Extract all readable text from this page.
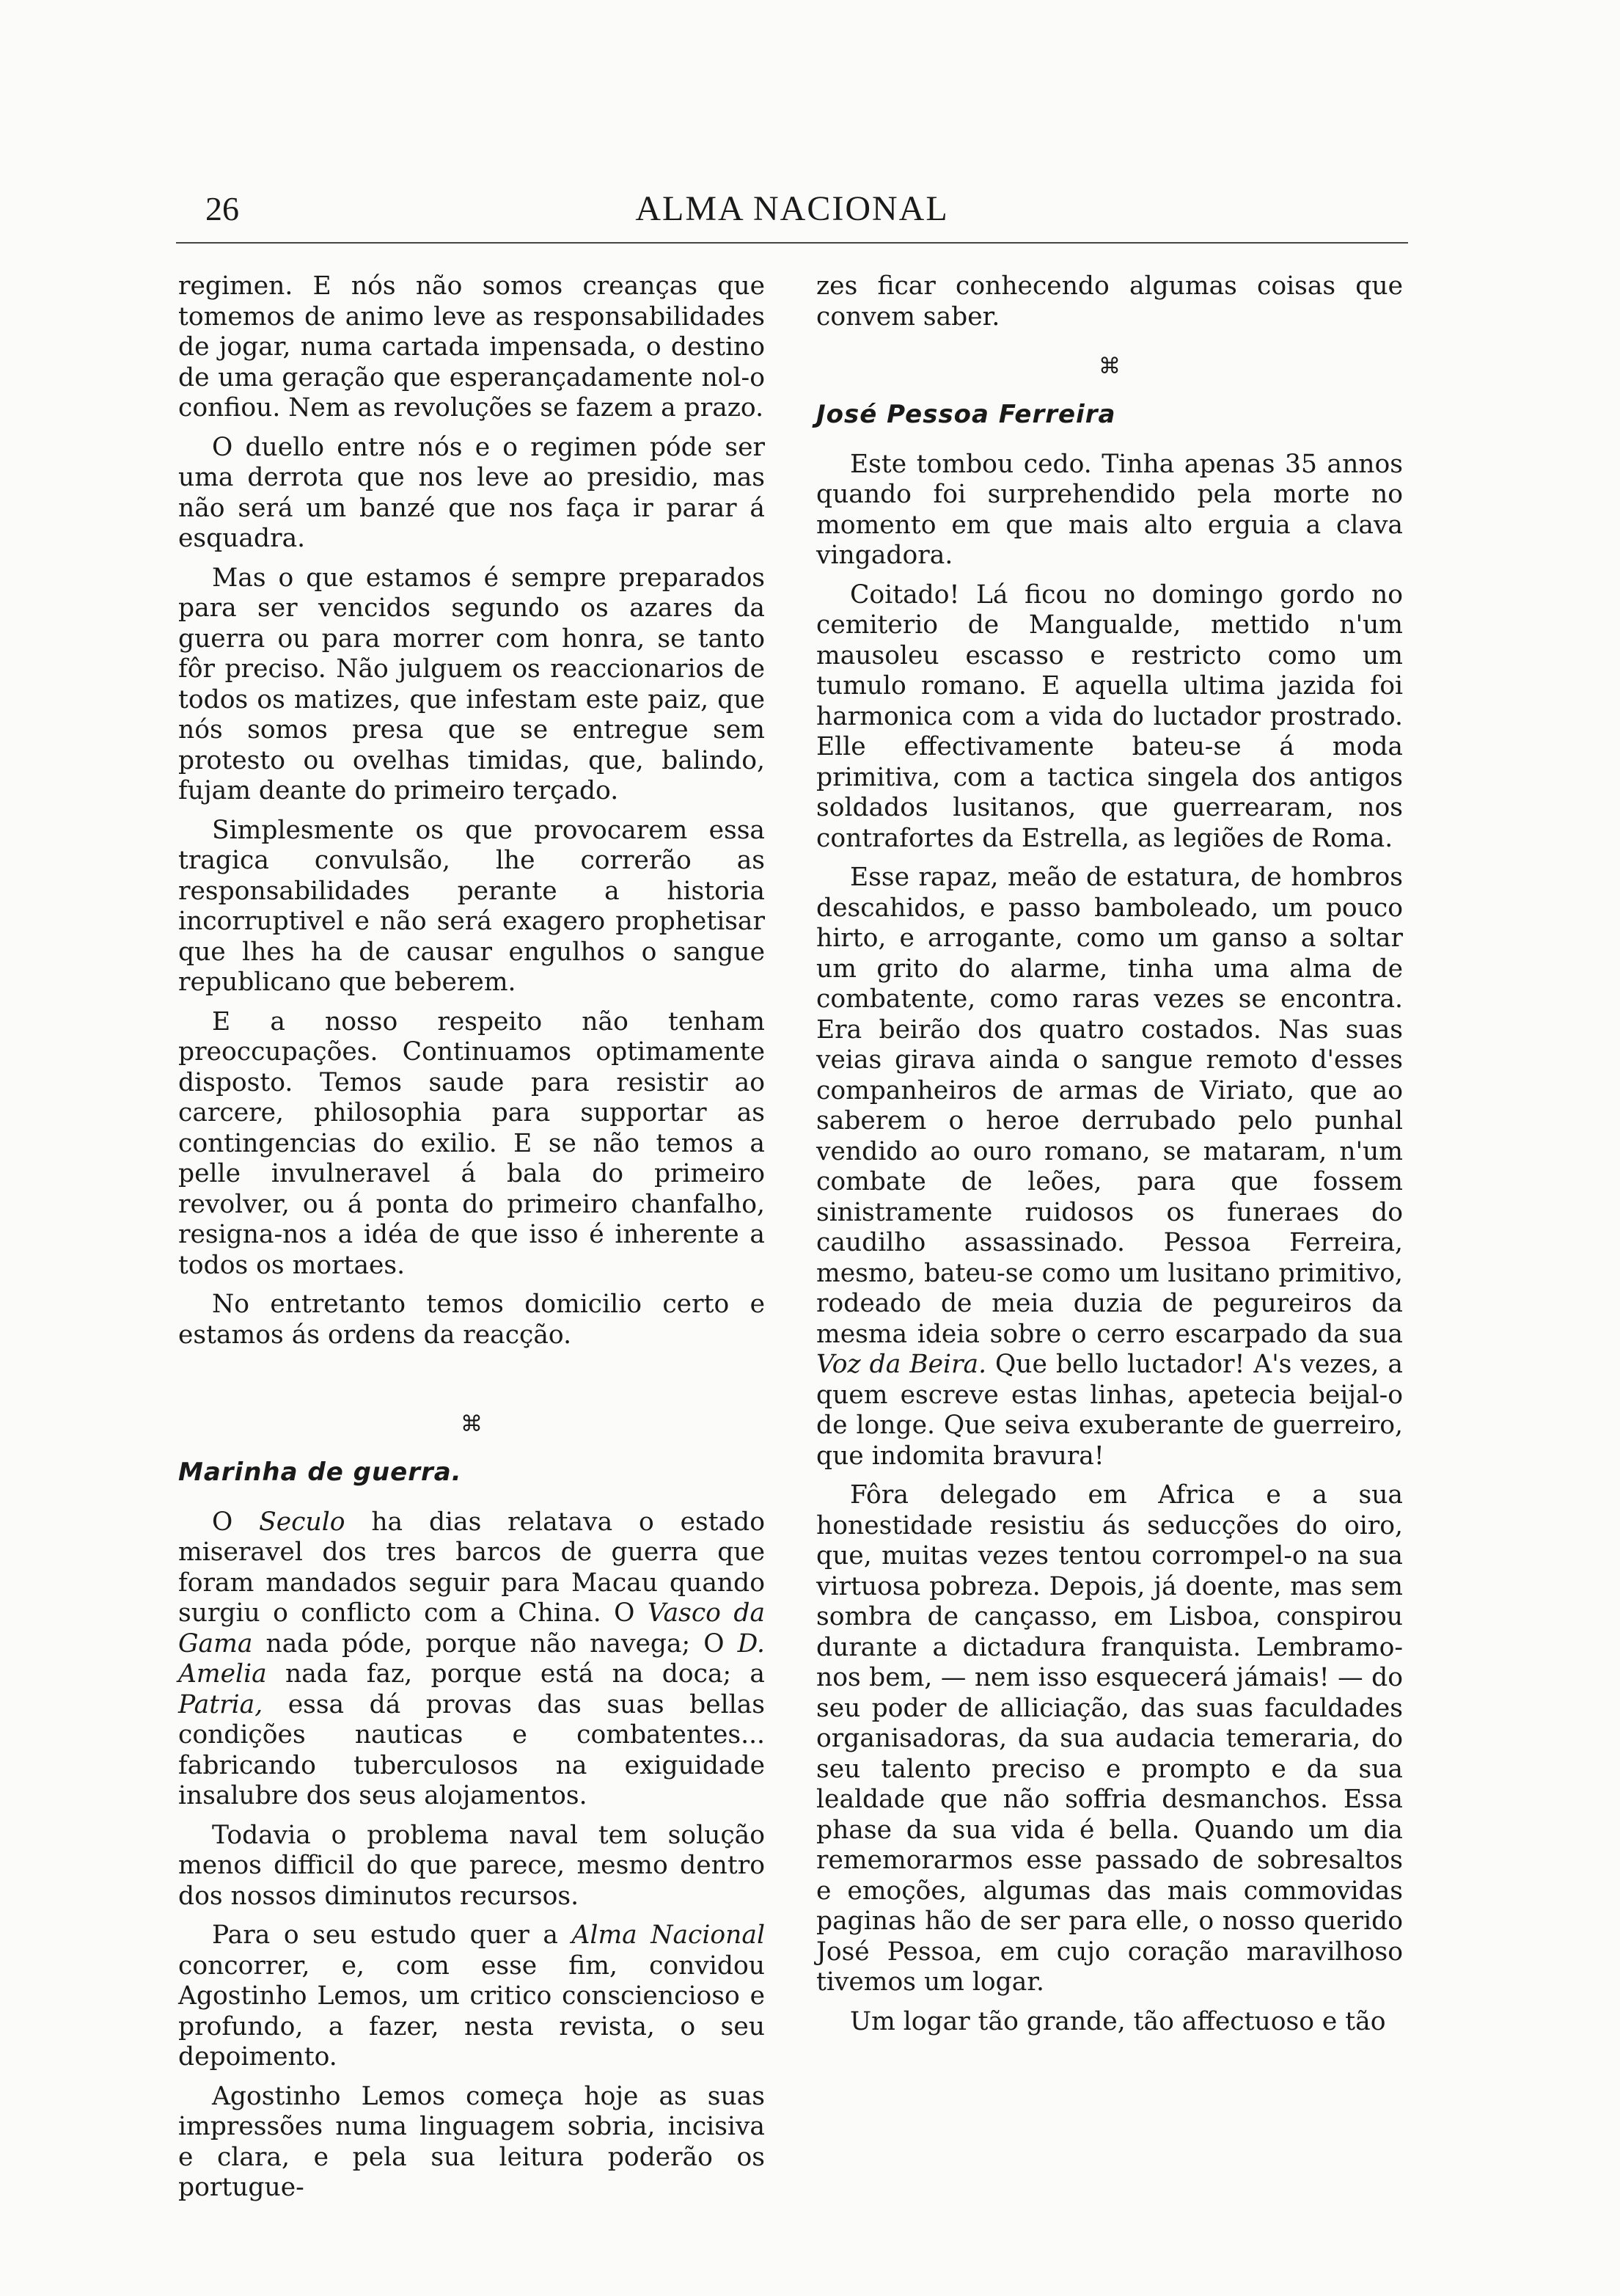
26	ALMA NACIONAL

regimen. E nós não somos creanças que tomemos de animo leve as responsabilidades de jogar, numa cartada impensada, o destino de uma geração que esperançadamente nol-o confiou. Nem as revoluções se fazem a prazo.

O duello entre nós e o regimen póde ser uma derrota que nos leve ao presidio, mas não será um banzé que nos faça ir parar á esquadra.

Mas o que estamos é sempre preparados para ser vencidos segundo os azares da guerra ou para morrer com honra, se tanto fôr preciso. Não julguem os reaccionarios de todos os matizes, que infestam este paiz, que nós somos presa que se entregue sem protesto ou ovelhas timidas, que, balindo, fujam deante do primeiro terçado.

Simplesmente os que provocarem essa tragica convulsão, lhe correrão as responsabilidades perante a historia incorruptivel e não será exagero prophetisar que lhes ha de causar engulhos o sangue republicano que beberem.

E a nosso respeito não tenham preoccupações. Continuamos optimamente disposto. Temos saude para resistir ao carcere, philosophia para supportar as contingencias do exilio. E se não temos a pelle invulneravel á bala do primeiro revolver, ou á ponta do primeiro chanfalho, resigna-nos a idéa de que isso é inherente a todos os mortaes.

No entretanto temos domicilio certo e estamos ás ordens da reacção.

⌘
Marinha de guerra.

O Seculo ha dias relatava o estado miseravel dos tres barcos de guerra que foram mandados seguir para Macau quando surgiu o conflicto com a China. O Vasco da Gama nada póde, porque não navega; O D. Amelia nada faz, porque está na doca; a Patria, essa dá provas das suas bellas condições nauticas e combatentes... fabricando tuberculosos na exiguidade insalubre dos seus alojamentos.

Todavia o problema naval tem solução menos difficil do que parece, mesmo dentro dos nossos diminutos recursos.

Para o seu estudo quer a Alma Nacional concorrer, e, com esse fim, convidou Agostinho Lemos, um critico consciencioso e profundo, a fazer, nesta revista, o seu depoimento.

Agostinho Lemos começa hoje as suas impressões numa linguagem sobria, incisiva e clara, e pela sua leitura poderão os portugue-

zes ficar conhecendo algumas coisas que convem saber.

⌘
José Pessoa Ferreira

Este tombou cedo. Tinha apenas 35 annos quando foi surprehendido pela morte no momento em que mais alto erguia a clava vingadora.

Coitado! Lá ficou no domingo gordo no cemiterio de Mangualde, mettido n'um mausoleu escasso e restricto como um tumulo romano. E aquella ultima jazida foi harmonica com a vida do luctador prostrado. Elle effectivamente bateu-se á moda primitiva, com a tactica singela dos antigos soldados lusitanos, que guerrearam, nos contrafortes da Estrella, as legiões de Roma.

Esse rapaz, meão de estatura, de hombros descahidos, e passo bamboleado, um pouco hirto, e arrogante, como um ganso a soltar um grito do alarme, tinha uma alma de combatente, como raras vezes se encontra. Era beirão dos quatro costados. Nas suas veias girava ainda o sangue remoto d'esses companheiros de armas de Viriato, que ao saberem o heroe derrubado pelo punhal vendido ao ouro romano, se mataram, n'um combate de leões, para que fossem sinistramente ruidosos os funeraes do caudilho assassinado. Pessoa Ferreira, mesmo, bateu-se como um lusitano primitivo, rodeado de meia duzia de pegureiros da mesma ideia sobre o cerro escarpado da sua Voz da Beira. Que bello luctador! A's vezes, a quem escreve estas linhas, apetecia beijal-o de longe. Que seiva exuberante de guerreiro, que indomita bravura!

Fôra delegado em Africa e a sua honestidade resistiu ás seducções do oiro, que, muitas vezes tentou corrompel-o na sua virtuosa pobreza. Depois, já doente, mas sem sombra de cançasso, em Lisboa, conspirou durante a dictadura franquista. Lembramo-nos bem, — nem isso esquecerá jámais! — do seu poder de alliciação, das suas faculdades organisadoras, da sua audacia temeraria, do seu talento preciso e prompto e da sua lealdade que não soffria desmanchos. Essa phase da sua vida é bella. Quando um dia rememorarmos esse passado de sobresaltos e emoções, algumas das mais commovidas paginas hão de ser para elle, o nosso querido José Pessoa, em cujo coração maravilhoso tivemos um logar.

Um logar tão grande, tão affectuoso e tão
